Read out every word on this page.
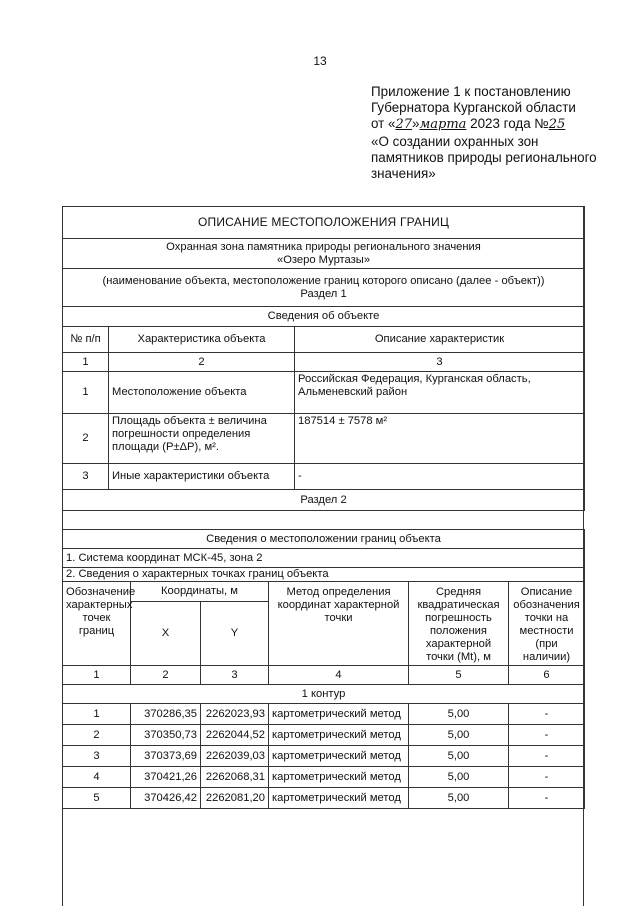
13
Приложение 1 к постановлению
Губернатора Курганской области
от «27»марта 2023 года №25
«О создании охранных зон
памятников природы регионального
значения»
ОПИСАНИЕ МЕСТОПОЛОЖЕНИЯ ГРАНИЦ		

Охранная зона памятника природы регионального значения
«Озеро Муртазы»		

(наименование объекта, местоположение границ которого описано (далее - объект))
Раздел 1		

Сведения об объекте		
№ п/п	Характеристика объекта	Описание характеристик
1	2	3
1	Местоположение объекта	Российская Федерация, Курганская область, Альменевский район
2	Площадь объекта ± величина погрешности определения площади (P±ΔP), м².	187514 ± 7578 м²
3	Иные характеристики объекта	-
Раздел 2		
Сведения о местоположении границ объекта
1. Система координат МСК-45, зона 2
2. Сведения о характерных точках границ объекта					
Обозначение характерных точек границ	Координаты, м		Метод определения координат характерной точки	Средняя квадратическая погрешность положения характерной точки (Mt), м	Описание обозначения точки на местности (при наличии)
	X	Y			
1	2	3	4	5	6
1 контур					
1	370286,35	2262023,93	картометрический метод	5,00	-
2	370350,73	2262044,52	картометрический метод	5,00	-
3	370373,69	2262039,03	картометрический метод	5,00	-
4	370421,26	2262068,31	картометрический метод	5,00	-
5	370426,42	2262081,20	картометрический метод	5,00	-
